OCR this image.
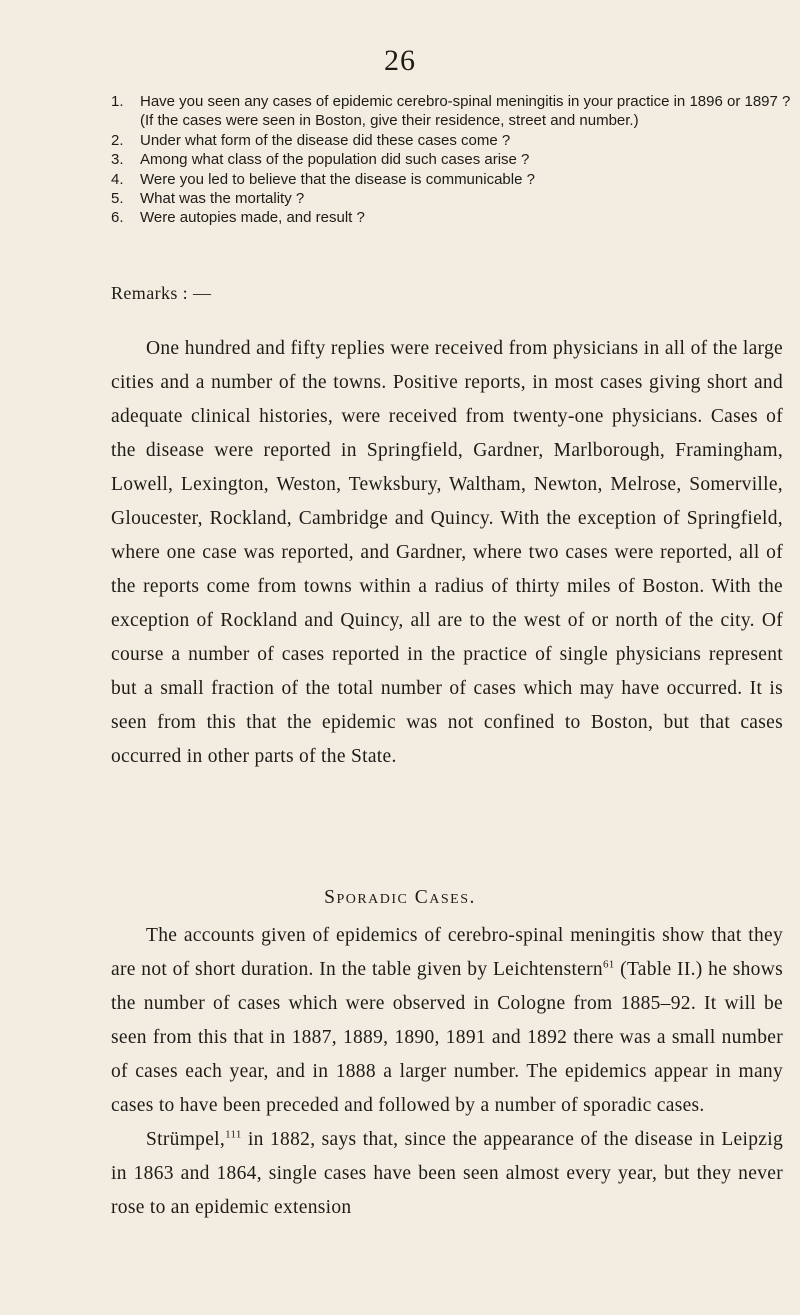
26
1.	Have you seen any cases of epidemic cerebro-spinal meningitis in your practice in 1896 or 1897 ? (If the cases were seen in Boston, give their residence, street and number.)
2.	Under what form of the disease did these cases come ?
3.	Among what class of the population did such cases arise ?
4.	Were you led to believe that the disease is communicable ?
5.	What was the mortality ?
6.	Were autopies made, and result ?
Remarks : —

One hundred and fifty replies were received from physicians in all of the large cities and a number of the towns. Positive reports, in most cases giving short and adequate clinical histories, were received from twenty-one physicians. Cases of the disease were reported in Springfield, Gardner, Marlborough, Framingham, Lowell, Lexington, Weston, Tewksbury, Waltham, Newton, Melrose, Somerville, Gloucester, Rockland, Cambridge and Quincy. With the exception of Springfield, where one case was reported, and Gardner, where two cases were reported, all of the reports come from towns within a radius of thirty miles of Boston. With the exception of Rockland and Quincy, all are to the west of or north of the city. Of course a number of cases reported in the practice of single physicians represent but a small fraction of the total number of cases which may have occurred. It is seen from this that the epidemic was not confined to Boston, but that cases occurred in other parts of the State.

Sporadic Cases.

The accounts given of epidemics of cerebro-spinal meningitis show that they are not of short duration. In the table given by Leichtenstern$^{61}$ (Table II.) he shows the number of cases which were observed in Cologne from 1885–92. It will be seen from this that in 1887, 1889, 1890, 1891 and 1892 there was a small number of cases each year, and in 1888 a larger number. The epidemics appear in many cases to have been preceded and followed by a number of sporadic cases.

Strümpel,$^{111}$ in 1882, says that, since the appearance of the disease in Leipzig in 1863 and 1864, single cases have been seen almost every year, but they never rose to an epidemic extension
